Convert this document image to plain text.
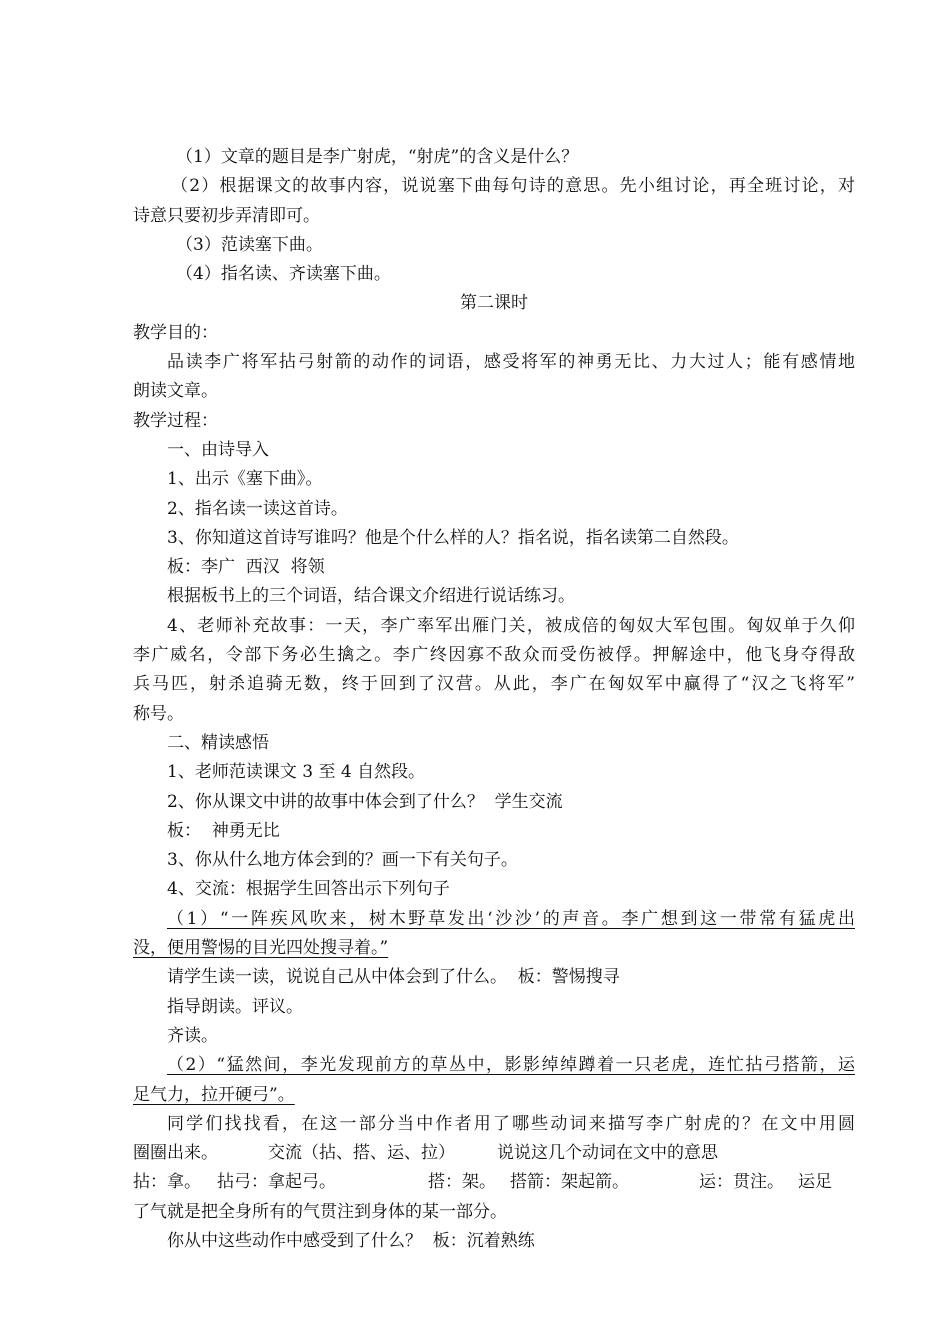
（1）文章的题目是李广射虎，“射虎”的含义是什么？
（2）根据课文的故事内容，说说塞下曲每句诗的意思。先小组讨论，再全班讨论，对
诗意只要初步弄清即可。
（3）范读塞下曲。
（4）指名读、齐读塞下曲。
第二课时
教学目的：
品读李广将军拈弓射箭的动作的词语，感受将军的神勇无比、力大过人；能有感情地
朗读文章。
教学过程：
一、由诗导入
1、出示《塞下曲》。
2、指名读一读这首诗。
3、你知道这首诗写谁吗？他是个什么样的人？指名说，指名读第二自然段。
板：李广  西汉  将领
根据板书上的三个词语，结合课文介绍进行说话练习。
4、老师补充故事：一天，李广率军出雁门关，被成倍的匈奴大军包围。匈奴单于久仰
李广威名，令部下务必生擒之。李广终因寡不敌众而受伤被俘。押解途中，他飞身夺得敌
兵马匹，射杀追骑无数，终于回到了汉营。从此，李广在匈奴军中赢得了“汉之飞将军”
称号。
二、精读感悟
1、老师范读课文 3 至 4 自然段。
2、你从课文中讲的故事中体会到了什么？  学生交流
板：  神勇无比
3、你从什么地方体会到的？画一下有关句子。
4、交流：根据学生回答出示下列句子
（1）“一阵疾风吹来，树木野草发出‘沙沙’的声音。李广想到这一带常有猛虎出
没，便用警惕的目光四处搜寻着。”
请学生读一读，说说自己从中体会到了什么。  板：警惕搜寻
指导朗读。评议。
齐读。
（2）“猛然间，李光发现前方的草丛中，影影绰绰蹲着一只老虎，连忙拈弓搭箭，运
足气力，拉开硬弓”。
同学们找找看，在这一部分当中作者用了哪些动词来描写李广射虎的？在文中用圆
圈圈出来。	交流（拈、搭、运、拉） 说说这几个动词在文中的意思
拈：拿。 拈弓：拿起弓。	搭：架。 搭箭：架起箭。	运：贯注。 运足
了气就是把全身所有的气贯注到身体的某一部分。
你从中这些动作中感受到了什么？  板：沉着熟练
